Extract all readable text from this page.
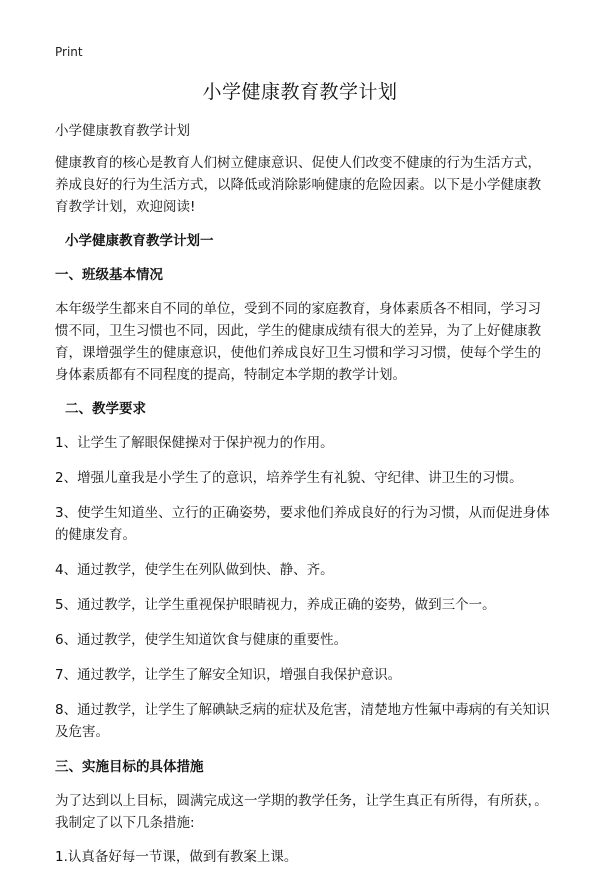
Print
小学健康教育教学计划

小学健康教育教学计划

健康教育的核心是教育人们树立健康意识、促使人们改变不健康的行为生活方式，养成良好的行为生活方式，以降低或消除影响健康的危险因素。以下是小学健康教育教学计划，欢迎阅读!

小学健康教育教学计划一

一、班级基本情况

本年级学生都来自不同的单位，受到不同的家庭教育，身体素质各不相同，学习习惯不同，卫生习惯也不同，因此，学生的健康成绩有很大的差异，为了上好健康教育，课增强学生的健康意识，使他们养成良好卫生习惯和学习习惯，使每个学生的身体素质都有不同程度的提高，特制定本学期的教学计划。

二、教学要求

1、让学生了解眼保健操对于保护视力的作用。

2、增强儿童我是小学生了的意识，培养学生有礼貌、守纪律、讲卫生的习惯。

3、使学生知道坐、立行的正确姿势，要求他们养成良好的行为习惯，从而促进身体的健康发育。

4、通过教学，使学生在列队做到快、静、齐。

5、通过教学，让学生重视保护眼睛视力，养成正确的姿势，做到三个一。

6、通过教学，使学生知道饮食与健康的重要性。

7、通过教学，让学生了解安全知识，增强自我保护意识。

8、通过教学，让学生了解碘缺乏病的症状及危害，清楚地方性氟中毒病的有关知识及危害。

三、实施目标的具体措施

为了达到以上目标，圆满完成这一学期的教学任务，让学生真正有所得，有所获，。我制定了以下几条措施:

1.认真备好每一节课，做到有教案上课。
